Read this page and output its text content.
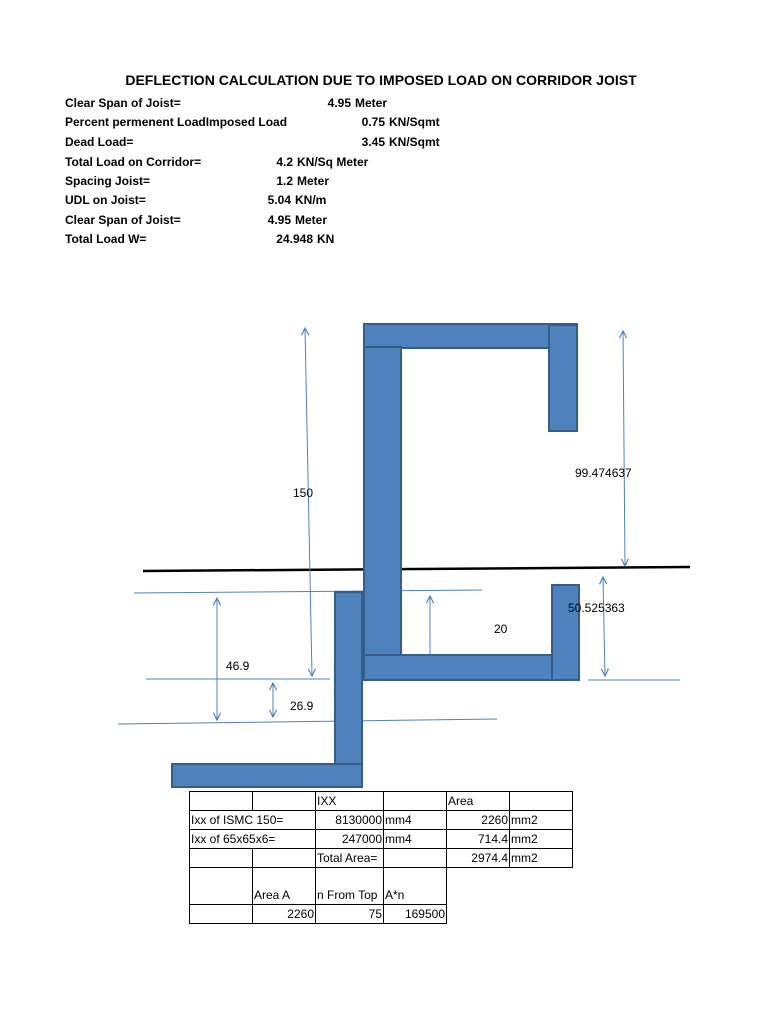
DEFLECTION CALCULATION DUE TO IMPOSED LOAD ON CORRIDOR JOIST
Clear Span of Joist=	4.95 Meter
Percent permenent LoadImposed Load	0.75 KN/Sqmt
Dead Load=	3.45 KN/Sqmt
Total Load on Corridor=	4.2 KN/Sq Meter
Spacing Joist=	1.2 Meter
UDL on Joist=	5.04 KN/m
Clear Span of Joist=	4.95 Meter
Total Load W=	24.948 KN
150
99.474637
50.525363
20
46.9
26.9
		IXX		Area	
Ixx of ISMC 150=		8130000	mm4	2260	mm2
Ixx of 65x65x6=		247000	mm4	714.4	mm2
		Total Area=		2974.4	mm2
	Area A	n From Top	A*n		
	2260	75	169500		
